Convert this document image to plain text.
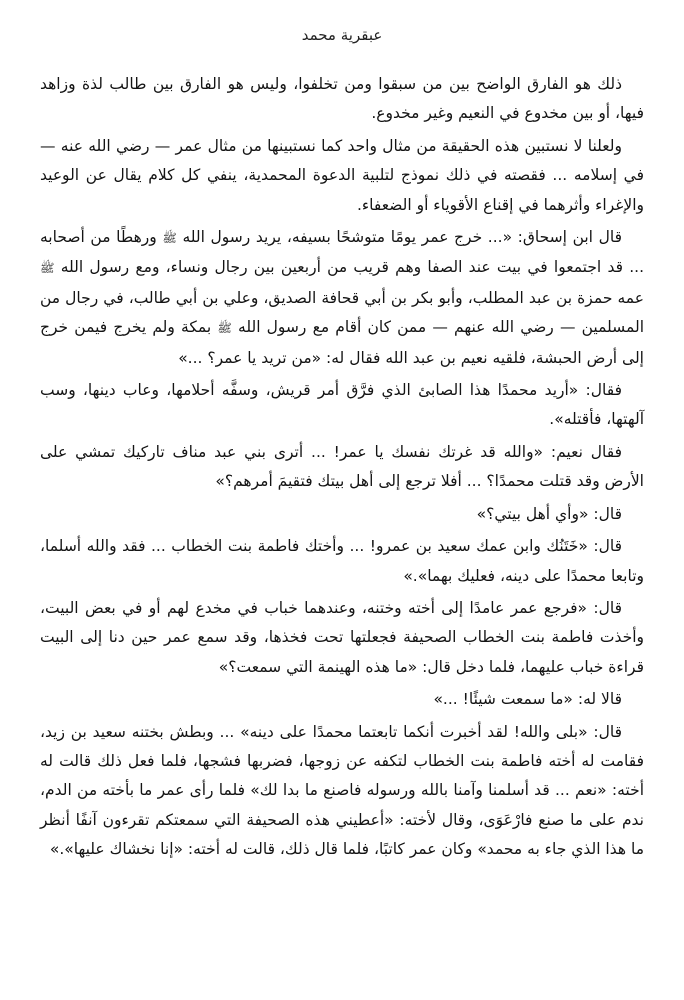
عبقرية محمد

ذلك هو الفارق الواضح بين من سبقوا ومن تخلفوا، وليس هو الفارق بين طالب لذة وزاهد فيها، أو بين مخدوع في النعيم وغير مخدوع.

ولعلنا لا نستبين هذه الحقيقة من مثال واحد كما نستبينها من مثال عمر — رضي الله عنه — في إسلامه ... فقصته في ذلك نموذج لتلبية الدعوة المحمدية، ينفي كل كلام يقال عن الوعيد والإغراء وأثرهما في إقناع الأقوياء أو الضعفاء.

قال ابن إسحاق: «... خرج عمر يومًا متوشحًا بسيفه، يريد رسول الله ﷺ ورهطًا من أصحابه ... قد اجتمعوا في بيت عند الصفا وهم قريب من أربعين بين رجال ونساء، ومع رسول الله ﷺ عمه حمزة بن عبد المطلب، وأبو بكر بن أبي قحافة الصديق، وعلي بن أبي طالب، في رجال من المسلمين — رضي الله عنهم — ممن كان أقام مع رسول الله ﷺ بمكة ولم يخرج فيمن خرج إلى أرض الحبشة، فلقيه نعيم بن عبد الله فقال له: «من تريد يا عمر؟ ...»

فقال: «أريد محمدًا هذا الصابئ الذي فرَّق أمر قريش، وسفَّه أحلامها، وعاب دينها، وسب آلهتها، فأقتله».

فقال نعيم: «والله قد غرتك نفسك يا عمر! ... أترى بني عبد مناف تاركيك تمشي على الأرض وقد قتلت محمدًا؟ ... أفلا ترجع إلى أهل بيتك فتقيمَ أمرهم؟»

قال: «وأي أهل بيتي؟»

قال: «خَتَنُك وابن عمك سعيد بن عمرو! ... وأختك فاطمة بنت الخطاب ... فقد والله أسلما، وتابعا محمدًا على دينه، فعليك بهما».»

قال: «فرجع عمر عامدًا إلى أخته وختنه، وعندهما خباب في مخدع لهم أو في بعض البيت، وأخذت فاطمة بنت الخطاب الصحيفة فجعلتها تحت فخذها، وقد سمع عمر حين دنا إلى البيت قراءة خباب عليهما، فلما دخل قال: «ما هذه الهينمة التي سمعت؟»

قالا له: «ما سمعت شيئًا! ...»

قال: «بلى والله! لقد أخبرت أنكما تابعتما محمدًا على دينه» ... وبطش بختنه سعيد بن زيد، فقامت له أخته فاطمة بنت الخطاب لتكفه عن زوجها، فضربها فشجها، فلما فعل ذلك قالت له أخته: «نعم ... قد أسلمنا وآمنا بالله ورسوله فاصنع ما بدا لك» فلما رأى عمر ما بأخته من الدم، ندم على ما صنع فارْعَوَى، وقال لأخته: «أعطيني هذه الصحيفة التي سمعتكم تقرءون آنفًا أنظر ما هذا الذي جاء به محمد» وكان عمر كاتبًا، فلما قال ذلك، قالت له أخته: «إنا نخشاك عليها».»
